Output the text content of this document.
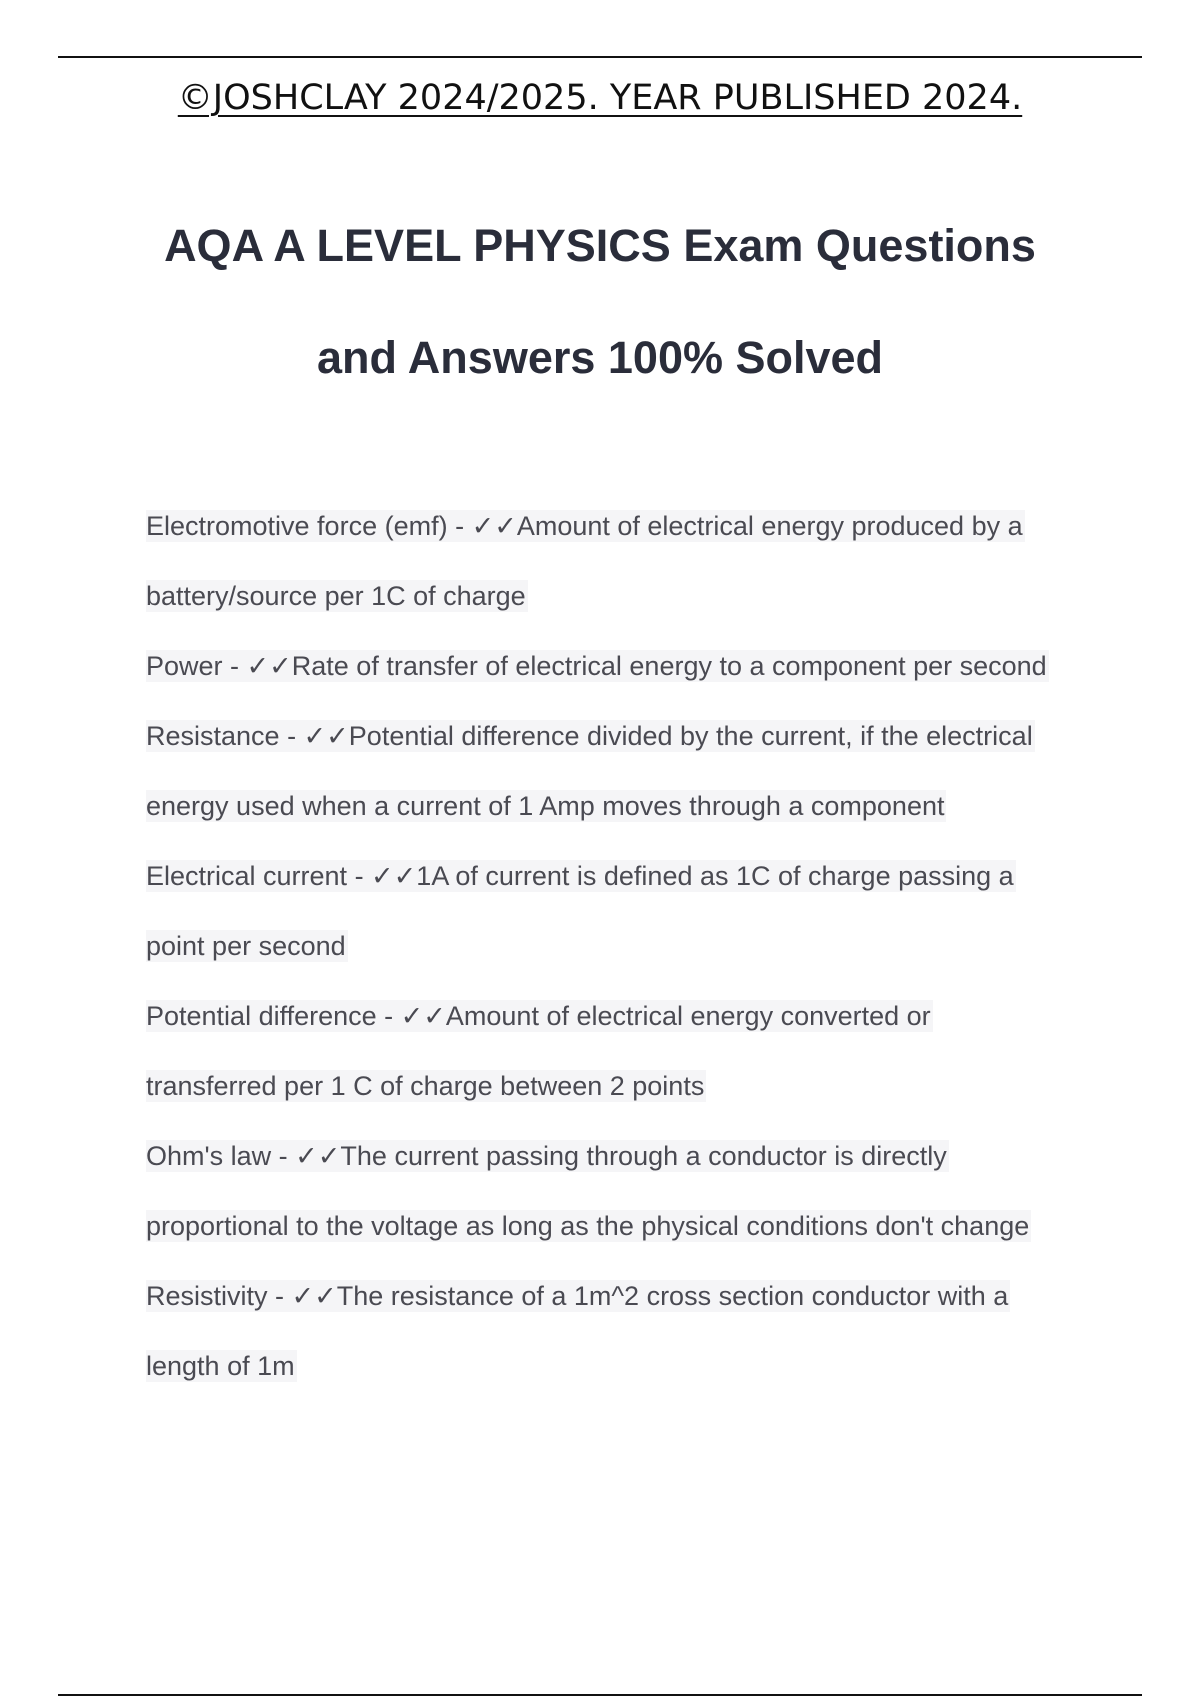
©JOSHCLAY 2024/2025. YEAR PUBLISHED 2024.
AQA A LEVEL PHYSICS Exam Questions
and Answers 100% Solved
Electromotive force (emf) - ✓✓Amount of electrical energy produced by a
battery/source per 1C of charge
Power - ✓✓Rate of transfer of electrical energy to a component per second
Resistance - ✓✓Potential difference divided by the current, if the electrical
energy used when a current of 1 Amp moves through a component
Electrical current - ✓✓1A of current is defined as 1C of charge passing a
point per second
Potential difference - ✓✓Amount of electrical energy converted or
transferred per 1 C of charge between 2 points
Ohm's law - ✓✓The current passing through a conductor is directly
proportional to the voltage as long as the physical conditions don't change
Resistivity - ✓✓The resistance of a 1m^2 cross section conductor with a
length of 1m
